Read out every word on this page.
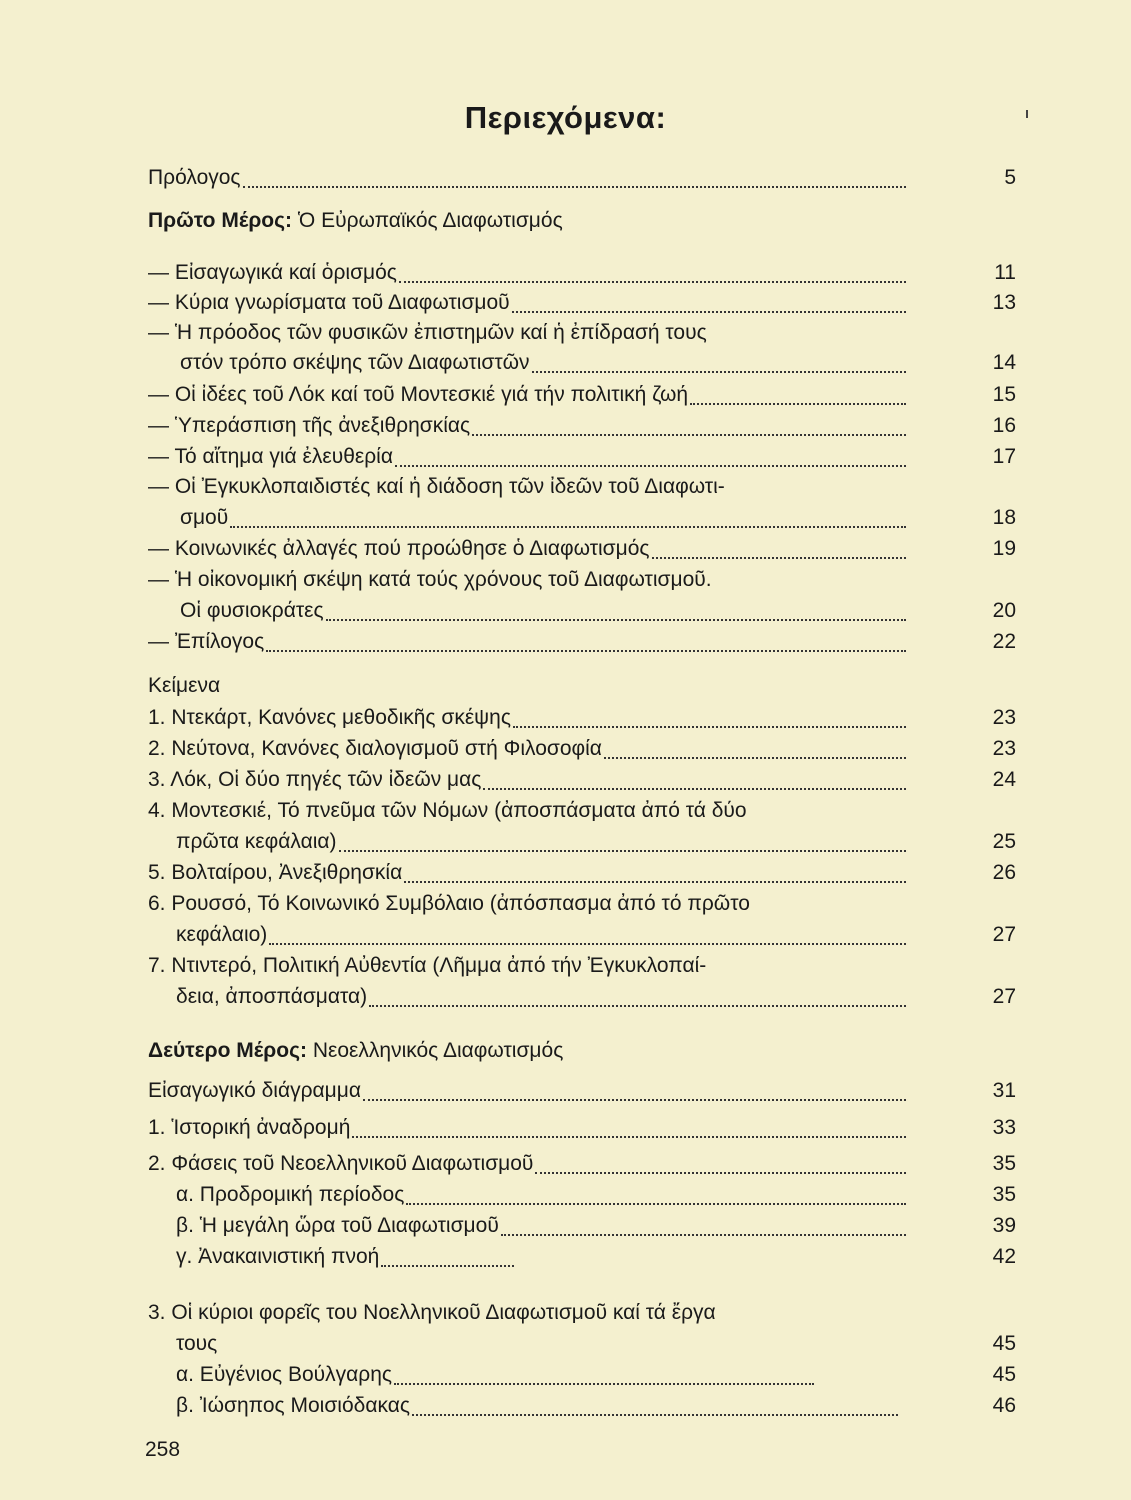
Περιεχόμενα:
Πρόλογος	5
Πρῶτο Μέρος: Ὁ Εὐρωπαϊκός Διαφωτισμός
— Εἰσαγωγικά καί ὁρισμός	11
— Κύρια γνωρίσματα τοῦ Διαφωτισμοῦ	13
— Ἡ πρόοδος τῶν φυσικῶν ἐπιστημῶν καί ἡ ἐπίδρασή τους
στόν τρόπο σκέψης τῶν Διαφωτιστῶν	14
— Οἱ ἰδέες τοῦ Λόκ καί τοῦ Μοντεσκιέ γιά τήν πολιτική ζωή	15
— Ὑπεράσπιση τῆς ἀνεξιθρησκίας	16
— Τό αἴτημα γιά ἐλευθερία	17
— Οἱ Ἐγκυκλοπαιδιστές καί ἡ διάδοση τῶν ἰδεῶν τοῦ Διαφωτι-
σμοῦ	18
— Κοινωνικές ἀλλαγές πού προώθησε ὁ Διαφωτισμός	19
— Ἡ οἰκονομική σκέψη κατά τούς χρόνους τοῦ Διαφωτισμοῦ.
Οἱ φυσιοκράτες	20
— Ἐπίλογος	22
Κείμενα
1. Ντεκάρτ, Κανόνες μεθοδικῆς σκέψης	23
2. Νεύτονα, Κανόνες διαλογισμοῦ στή Φιλοσοφία	23
3. Λόκ, Οἱ δύο πηγές τῶν ἰδεῶν μας	24
4. Μοντεσκιέ, Τό πνεῦμα τῶν Νόμων (ἀποσπάσματα ἀπό τά δύο
πρῶτα κεφάλαια)	25
5. Βολταίρου, Ἀνεξιθρησκία	26
6. Ρουσσό, Τό Κοινωνικό Συμβόλαιο (ἀπόσπασμα ἀπό τό πρῶτο
κεφάλαιο)	27
7. Ντιντερό, Πολιτική Αὐθεντία (Λῆμμα ἀπό τήν Ἐγκυκλοπαί-
δεια, ἀποσπάσματα)	27
Δεύτερο Μέρος: Νεοελληνικός Διαφωτισμός
Εἰσαγωγικό διάγραμμα	31
1. Ἱστορική ἀναδρομή	33
2. Φάσεις τοῦ Νεοελληνικοῦ Διαφωτισμοῦ	35
α. Προδρομική περίοδος	35
β. Ἡ μεγάλη ὥρα τοῦ Διαφωτισμοῦ	39
γ. Ἀνακαινιστική πνοή	42
3. Οἱ κύριοι φορεῖς του Νοελληνικοῦ Διαφωτισμοῦ καί τά ἔργα
τους	45
α. Εὐγένιος Βούλγαρης	45
β. Ἰώσηπος Μοισιόδακας	46
258
